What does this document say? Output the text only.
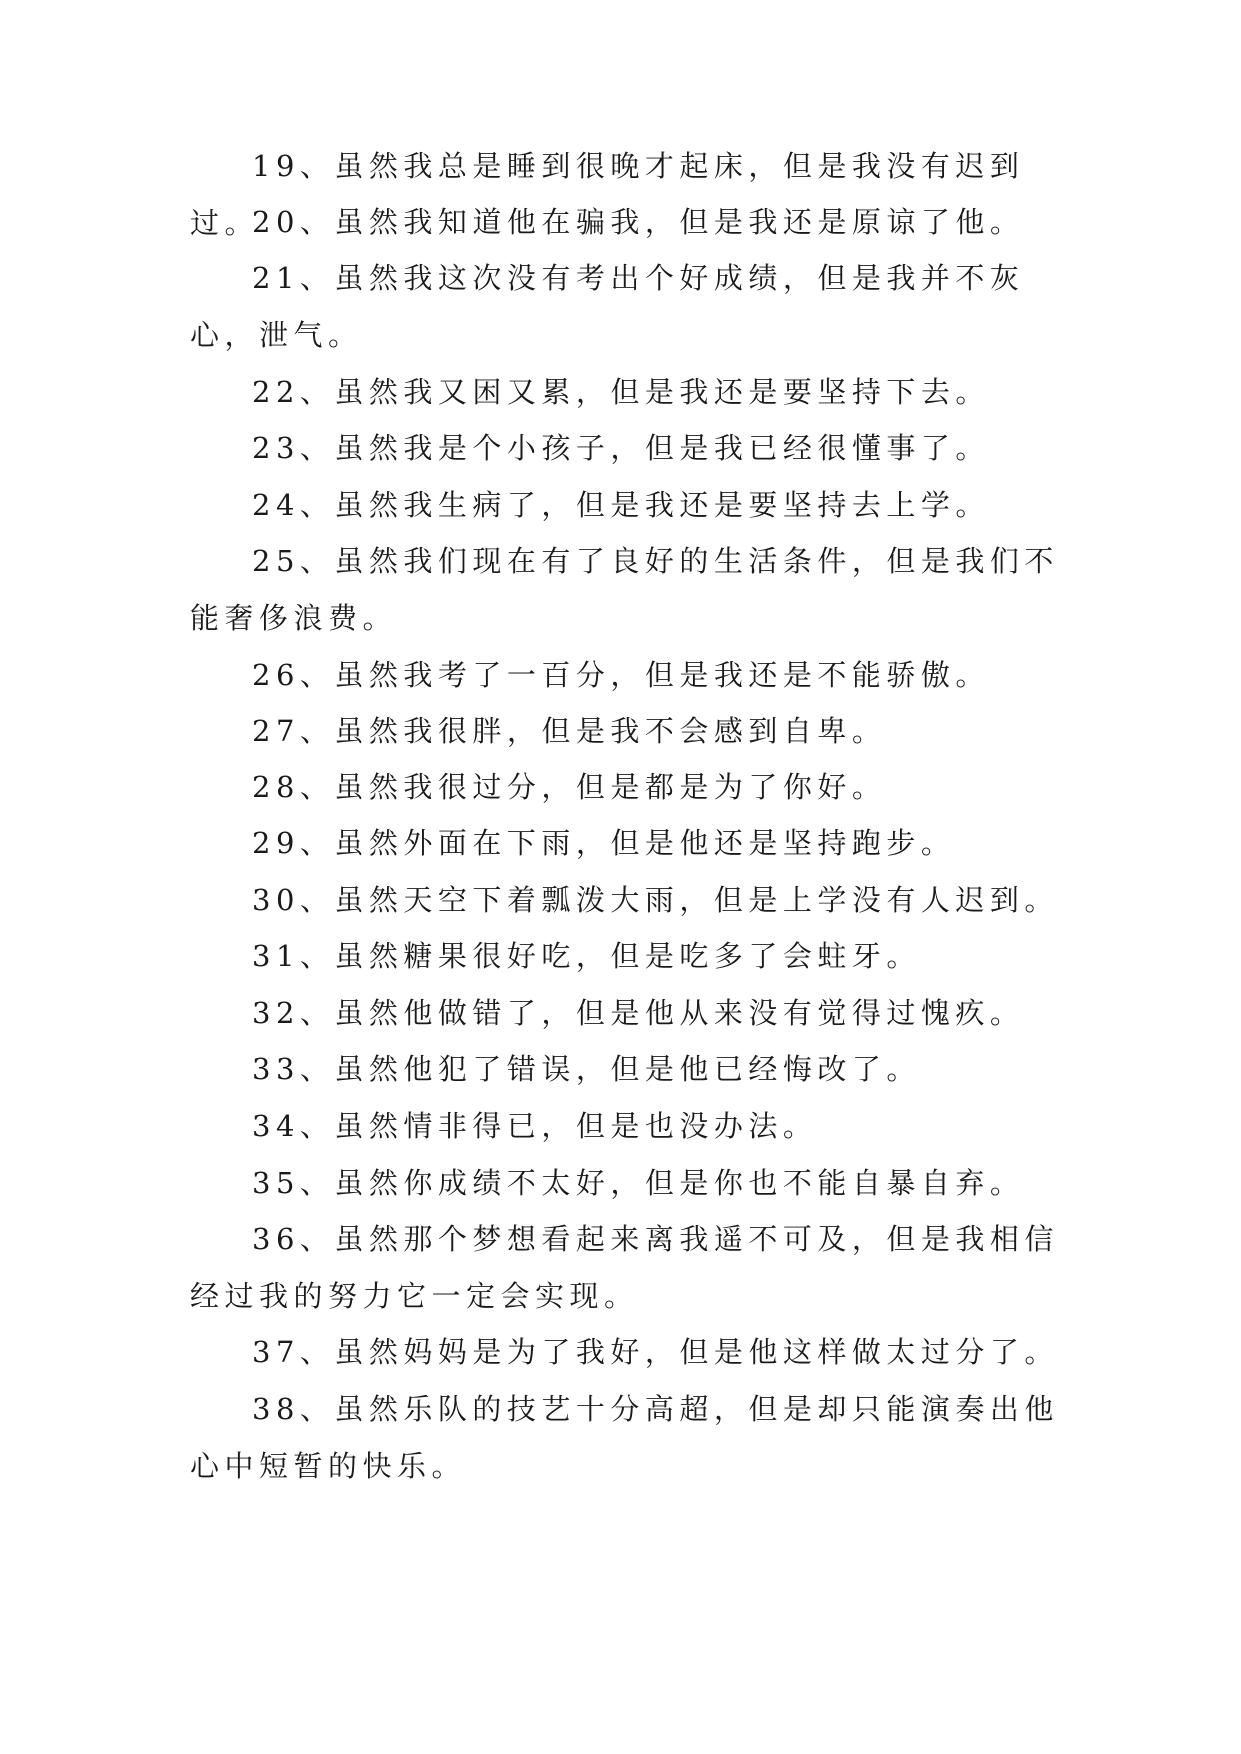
19、虽然我总是睡到很晚才起床，但是我没有迟到过。

20、虽然我知道他在骗我，但是我还是原谅了他。

21、虽然我这次没有考出个好成绩，但是我并不灰心，泄气。

22、虽然我又困又累，但是我还是要坚持下去。

23、虽然我是个小孩子，但是我已经很懂事了。

24、虽然我生病了，但是我还是要坚持去上学。

25、虽然我们现在有了良好的生活条件，但是我们不能奢侈浪费。

26、虽然我考了一百分，但是我还是不能骄傲。

27、虽然我很胖，但是我不会感到自卑。

28、虽然我很过分，但是都是为了你好。

29、虽然外面在下雨，但是他还是坚持跑步。

30、虽然天空下着瓢泼大雨，但是上学没有人迟到。

31、虽然糖果很好吃，但是吃多了会蛀牙。

32、虽然他做错了，但是他从来没有觉得过愧疚。

33、虽然他犯了错误，但是他已经悔改了。

34、虽然情非得已，但是也没办法。

35、虽然你成绩不太好，但是你也不能自暴自弃。

36、虽然那个梦想看起来离我遥不可及，但是我相信经过我的努力它一定会实现。

37、虽然妈妈是为了我好，但是他这样做太过分了。

38、虽然乐队的技艺十分高超，但是却只能演奏出他心中短暂的快乐。
